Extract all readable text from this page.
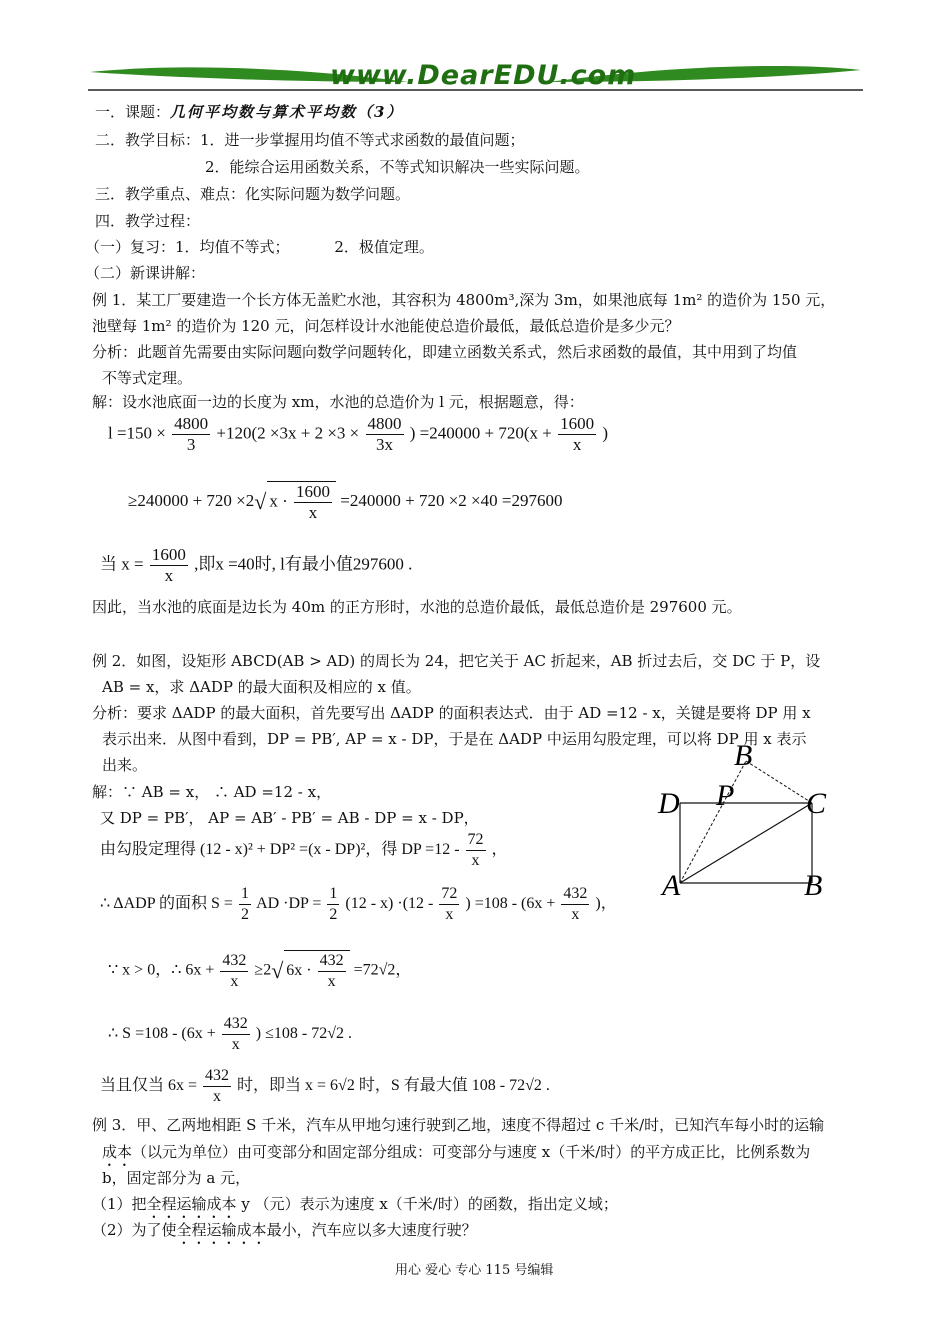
www.DearEDU.com
一．课题：几何平均数与算术平均数（3）
二．教学目标：1．进一步掌握用均值不等式求函数的最值问题；
2．能综合运用函数关系，不等式知识解决一些实际问题。
三．教学重点、难点：化实际问题为数学问题。
四．教学过程：
（一）复习：1．均值不等式；	2．极值定理。
（二）新课讲解：
例 1．某工厂要建造一个长方体无盖贮水池，其容积为 4800m³,深为 3m，如果池底每 1m² 的造价为 150 元，
池壁每 1m² 的造价为 120 元，问怎样设计水池能使总造价最低，最低总造价是多少元？
分析：此题首先需要由实际问题向数学问题转化，即建立函数关系式，然后求函数的最值，其中用到了均值
不等式定理。
解：设水池底面一边的长度为 xm，水池的总造价为 l 元，根据题意，得：
$l =150 \times \frac{4800}{3} +120(2 \times 3x + 2 \times 3 \times \frac{4800}{3x}$ ) $=240000 + 720(x + \frac{1600}{x}$ )
≥240000 + 720 ×2√ $x \cdot \frac{1600}{x} =240000 + 720 \times 2 \times 40 =297600$
当 $x = \frac{1600}{x}$ ,即x =40时, l有最小值297600 .
因此，当水池的底面是边长为 40m 的正方形时，水池的总造价最低，最低总造价是 297600 元。
例 2．如图，设矩形 ABCD(AB > AD) 的周长为 24，把它关于 AC 折起来，AB 折过去后，交 DC 于 P，设
AB = x，求 ΔADP 的最大面积及相应的 x 值。
分析：要求 ΔADP 的最大面积，首先要写出 ΔADP 的面积表达式．由于 AD =12 - x，关键是要将 DP 用 x
表示出来．从图中看到，DP = PB′, AP = x - DP，于是在 ΔADP 中运用勾股定理，可以将 DP 用 x 表示
出来。
解：∵ AB = x， ∴ AD =12 - x，
又 DP = PB′， AP = AB′ - PB′ = AB - DP = x - DP，
由勾股定理得 (12 - x)² + DP² =(x - DP)²，得 DP $=12 - \frac{72}{x}$ ，
∴ ΔADP 的面积 $S = \frac{1}{2}$ AD $\cdot DP = \frac{1}{2} (12 - x) \cdot(12 - \frac{72}{x}$ ) $=108 - (6x + \frac{432}{x}$ )，
∵ x > 0，∴ $6x + \frac{432}{x} \ge 2√$ $6x \cdot \frac{432}{x} =72√2$，
∴ $S =108 - (6x + \frac{432}{x}$ ) ≤108 - 72√2 .
当且仅当 $6x = \frac{432}{x}$ 时，即当 x = 6√2 时，S 有最大值 108 - 72√2 .
B
D P C
A	B
例 3．甲、乙两地相距 S 千米，汽车从甲地匀速行驶到乙地，速度不得超过 c 千米/时，已知汽车每小时的运输
成本（以元为单位）由可变部分和固定部分组成：可变部分与速度 x（千米/时）的平方成正比，比例系数为
b，固定部分为 a 元，
（1）把全程运输成本 y （元）表示为速度 x（千米/时）的函数，指出定义域；
（2）为了使全程运输成本最小，汽车应以多大速度行驶？
用心 爱心 专心 115 号编辑
